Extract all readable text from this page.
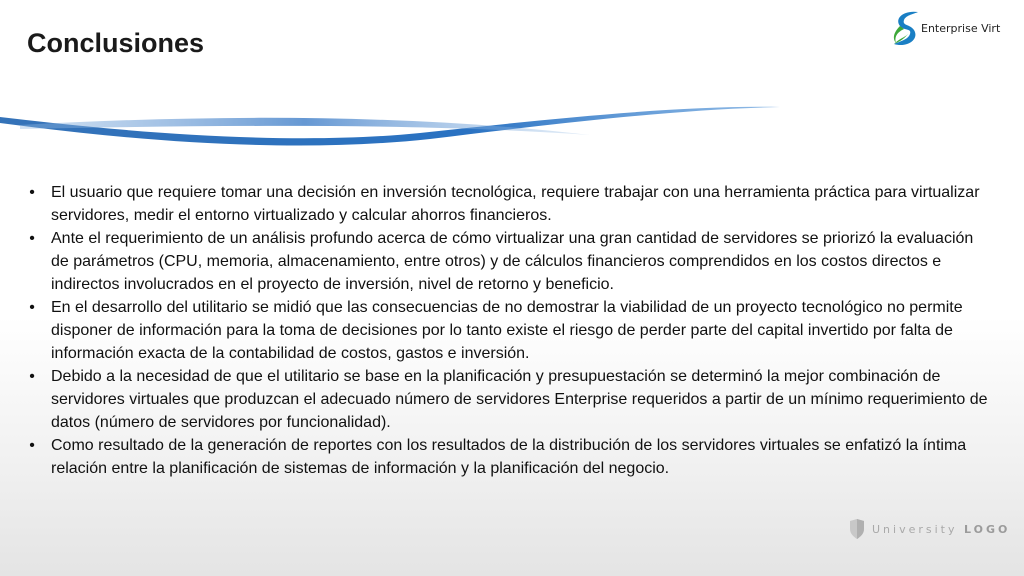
Conclusiones	Enterprise Virt
• El usuario que requiere tomar una decisión en inversión tecnológica, requiere trabajar con una herramienta práctica para virtualizar servidores, medir el entorno virtualizado y calcular ahorros financieros.
• Ante el requerimiento de un análisis profundo acerca de cómo virtualizar una gran cantidad de servidores se priorizó la evaluación de parámetros (CPU, memoria, almacenamiento, entre otros) y de cálculos financieros comprendidos en los costos directos e indirectos involucrados en el proyecto de inversión, nivel de retorno y beneficio.
• En el desarrollo del utilitario se midió que las consecuencias de no demostrar la viabilidad de un proyecto tecnológico no permite disponer de información para la toma de decisiones por lo tanto existe el riesgo de perder parte del capital invertido por falta de información exacta de la contabilidad de costos, gastos e inversión.
• Debido a la necesidad de que el utilitario se base en la planificación y presupuestación se determinó la mejor combinación de servidores virtuales que produzcan el adecuado número de servidores Enterprise requeridos a partir de un mínimo requerimiento de datos (número de servidores por funcionalidad).
• Como resultado de la generación de reportes con los resultados de la distribución de los servidores virtuales se enfatizó la íntima relación entre la planificación de sistemas de información y la planificación del negocio.
University LOGO
